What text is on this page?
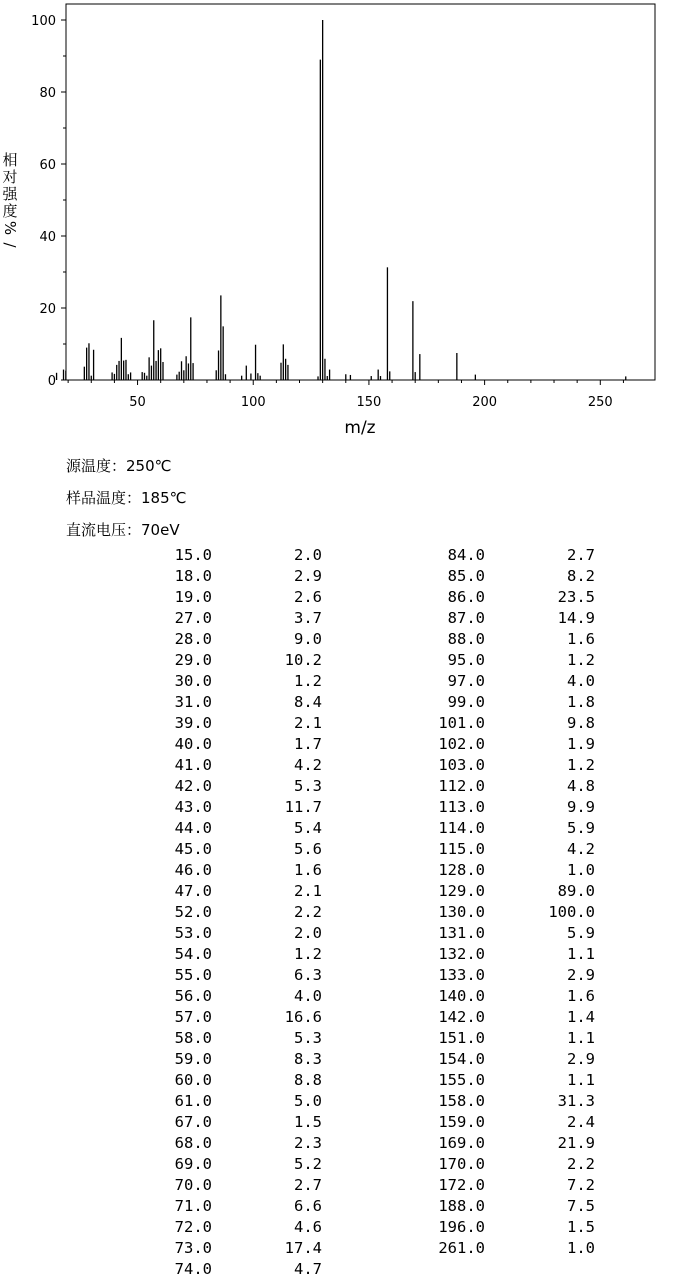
相
对
强
度
%
/
0
20
40
60
80
100
50	100	150	200	250
m/z
源温度：250℃
样品温度：185℃
直流电压：70eV
15.0	2.0
18.0	2.9
19.0	2.6
27.0	3.7
28.0	9.0
29.0	10.2
30.0	1.2
31.0	8.4
39.0	2.1
40.0	1.7
41.0	4.2
42.0	5.3
43.0	11.7
44.0	5.4
45.0	5.6
46.0	1.6
47.0	2.1
52.0	2.2
53.0	2.0
54.0	1.2
55.0	6.3
56.0	4.0
57.0	16.6
58.0	5.3
59.0	8.3
60.0	8.8
61.0	5.0
67.0	1.5
68.0	2.3
69.0	5.2
70.0	2.7
71.0	6.6
72.0	4.6
73.0	17.4
74.0	4.7
84.0	2.7
85.0	8.2
86.0	23.5
87.0	14.9
88.0	1.6
95.0	1.2
97.0	4.0
99.0	1.8
101.0	9.8
102.0	1.9
103.0	1.2
112.0	4.8
113.0	9.9
114.0	5.9
115.0	4.2
128.0	1.0
129.0	89.0
130.0	100.0
131.0	5.9
132.0	1.1
133.0	2.9
140.0	1.6
142.0	1.4
151.0	1.1
154.0	2.9
155.0	1.1
158.0	31.3
159.0	2.4
169.0	21.9
170.0	2.2
172.0	7.2
188.0	7.5
196.0	1.5
261.0	1.0
